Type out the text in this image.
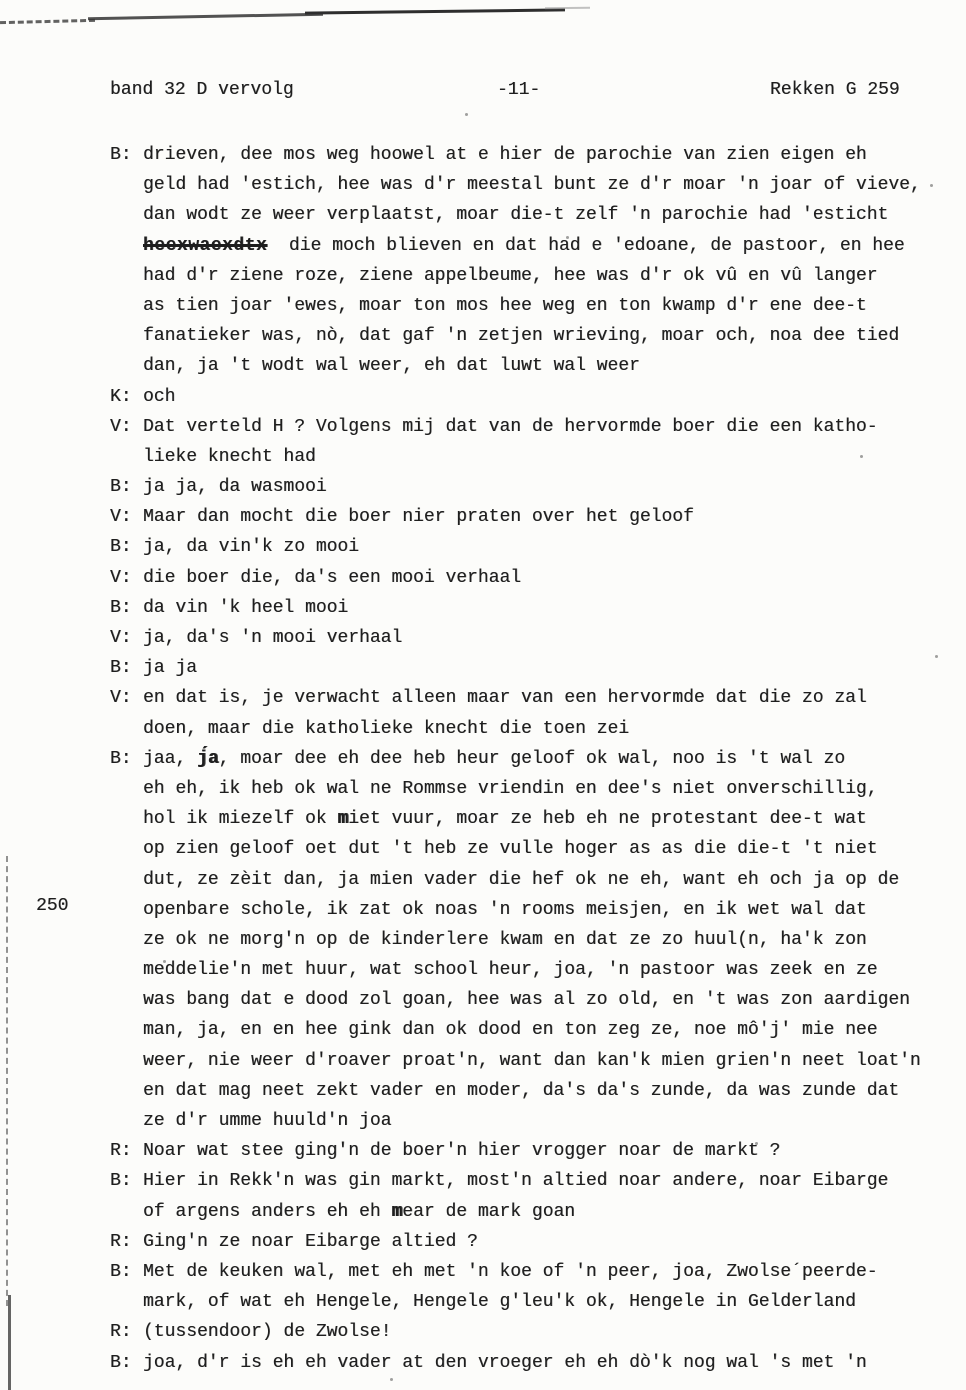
band 32 D vervolg	-11-	Rekken G 259
250
B: drieven, dee mos weg hoowel at e hier de parochie van zien eigen eh
geld had 'estich, hee was d'r meestal bunt ze d'r moar 'n joar of vieve,
dan wodt ze weer verplaatst, moar die-t zelf 'n parochie had 'esticht
heexwaexdtx  die moch blieven en dat had e 'edoane, de pastoor, en hee
had d'r ziene roze, ziene appelbeume, hee was d'r ok vû en vû langer
as tien joar 'ewes, moar ton mos hee weg en ton kwamp d'r ene dee-t
fanatieker was, nò, dat gaf 'n zetjen wrieving, moar och, noa dee tied
dan, ja 't wodt wal weer, eh dat luwt wal weer
K: och
V: Dat verteld H ? Volgens mij dat van de hervormde boer die een katho-
lieke knecht had
B: ja ja, da wasmooi
V: Maar dan mocht die boer nier praten over het geloof
B: ja, da vin'k zo mooi
V: die boer die, da's een mooi verhaal
B: da vin 'k heel mooi
V: ja, da's 'n mooi verhaal
B: ja ja
V: en dat is, je verwacht alleen maar van een hervormde dat die zo zal
doen, maar die katholieke knecht die toen zei
B: jaa, j́a, moar dee eh dee heb heur geloof ok wal, noo is 't wal zo
eh eh, ik heb ok wal ne Rommse vriendin en dee's niet onverschillig,
hol ik miezelf ok miet vuur, moar ze heb eh ne protestant dee-t wat
op zien geloof oet dut 't heb ze vulle hoger as as die die-t 't niet
dut, ze zèit dan, ja mien vader die hef ok ne eh, want eh och ja op de
openbare schole, ik zat ok noas 'n rooms meisjen, en ik wet wal dat
ze ok ne morg'n op de kinderlere kwam en dat ze zo huul(n, ha'k zon
meddelie'n met huur, wat school heur, joa, 'n pastoor was zeek en ze
was bang dat e dood zol goan, hee was al zo old, en 't was zon aardigen
man, ja, en en hee gink dan ok dood en ton zeg ze, noe mô'j' mie nee
weer, nie weer d'roaver proat'n, want dan kan'k mien grien'n neet loat'n
en dat mag neet zekt vader en moder, da's da's zunde, da was zunde dat
ze d'r umme huuld'n joa
R: Noar wat stee ging'n de boer'n hier vrogger noar de markt ?
B: Hier in Rekk'n was gin markt, most'n altied noar andere, noar Eibarge
of argens anders eh eh mear de mark goan
R: Ging'n ze noar Eibarge altied ?
B: Met de keuken wal, met eh met 'n koe of 'n peer, joa, Zwolse´peerde-
mark, of wat eh Hengele, Hengele g'leu'k ok, Hengele in Gelderland
R: (tussendoor) de Zwolse!
B: joa, d'r is eh eh vader at den vroeger eh eh dò'k nog wal 's met 'n
